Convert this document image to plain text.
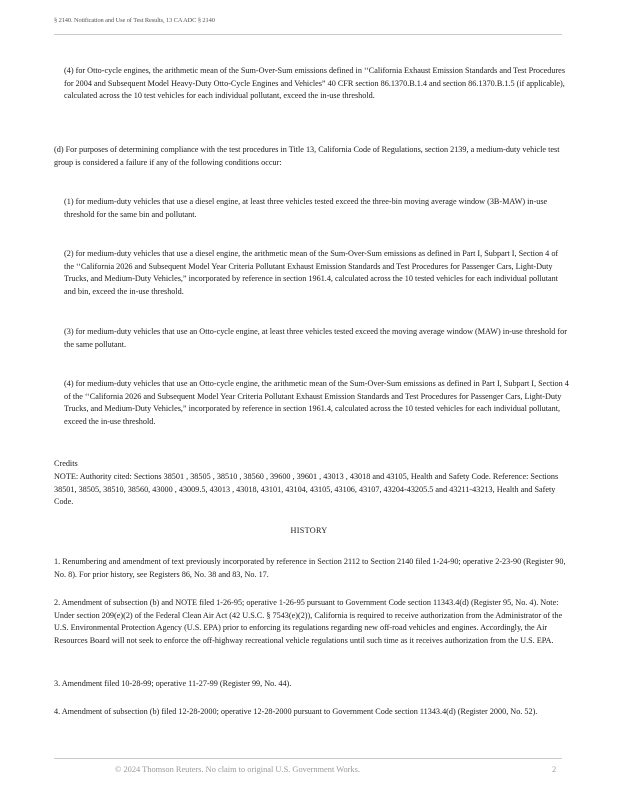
§ 2140. Notification and Use of Test Results, 13 CA ADC § 2140

(4) for Otto-cycle engines, the arithmetic mean of the Sum-Over-Sum emissions defined in ‘‘California Exhaust Emission Standards and Test Procedures for 2004 and Subsequent Model Heavy-Duty Otto-Cycle Engines and Vehicles” 40 CFR section 86.1370.B.1.4 and section 86.1370.B.1.5 (if applicable), calculated across the 10 test vehicles for each individual pollutant, exceed the in-use threshold.

(d) For purposes of determining compliance with the test procedures in Title 13, California Code of Regulations, section 2139, a medium-duty vehicle test group is considered a failure if any of the following conditions occur:

(1) for medium-duty vehicles that use a diesel engine, at least three vehicles tested exceed the three-bin moving average window (3B-MAW) in-use threshold for the same bin and pollutant.

(2) for medium-duty vehicles that use a diesel engine, the arithmetic mean of the Sum-Over-Sum emissions as defined in Part I, Subpart I, Section 4 of the ‘‘California 2026 and Subsequent Model Year Criteria Pollutant Exhaust Emission Standards and Test Procedures for Passenger Cars, Light-Duty Trucks, and Medium-Duty Vehicles,” incorporated by reference in section 1961.4, calculated across the 10 tested vehicles for each individual pollutant and bin, exceed the in-use threshold.

(3) for medium-duty vehicles that use an Otto-cycle engine, at least three vehicles tested exceed the moving average window (MAW) in-use threshold for the same pollutant.

(4) for medium-duty vehicles that use an Otto-cycle engine, the arithmetic mean of the Sum-Over-Sum emissions as defined in Part I, Subpart I, Section 4 of the ‘‘California 2026 and Subsequent Model Year Criteria Pollutant Exhaust Emission Standards and Test Procedures for Passenger Cars, Light-Duty Trucks, and Medium-Duty Vehicles,” incorporated by reference in section 1961.4, calculated across the 10 tested vehicles for each individual pollutant, exceed the in-use threshold.

Credits

NOTE: Authority cited: Sections 38501 , 38505 , 38510 , 38560 , 39600 , 39601 , 43013 , 43018 and 43105, Health and Safety Code. Reference: Sections 38501, 38505, 38510, 38560, 43000 , 43009.5, 43013 , 43018, 43101, 43104, 43105, 43106, 43107, 43204-43205.5 and 43211-43213, Health and Safety Code.

HISTORY

1. Renumbering and amendment of text previously incorporated by reference in Section 2112 to Section 2140 filed 1-24-90; operative 2-23-90 (Register 90, No. 8). For prior history, see Registers 86, No. 38 and 83, No. 17.

2. Amendment of subsection (b) and NOTE filed 1-26-95; operative 1-26-95 pursuant to Government Code section 11343.4(d) (Register 95, No. 4). Note: Under section 209(e)(2) of the Federal Clean Air Act (42 U.S.C. § 7543(e)(2)), California is required to receive authorization from the Administrator of the U.S. Environmental Protection Agency (U.S. EPA) prior to enforcing its regulations regarding new off-road vehicles and engines. Accordingly, the Air Resources Board will not seek to enforce the off-highway recreational vehicle regulations until such time as it receives authorization from the U.S. EPA.

3. Amendment filed 10-28-99; operative 11-27-99 (Register 99, No. 44).

4. Amendment of subsection (b) filed 12-28-2000; operative 12-28-2000 pursuant to Government Code section 11343.4(d) (Register 2000, No. 52).

© 2024 Thomson Reuters. No claim to original U.S. Government Works.	2
